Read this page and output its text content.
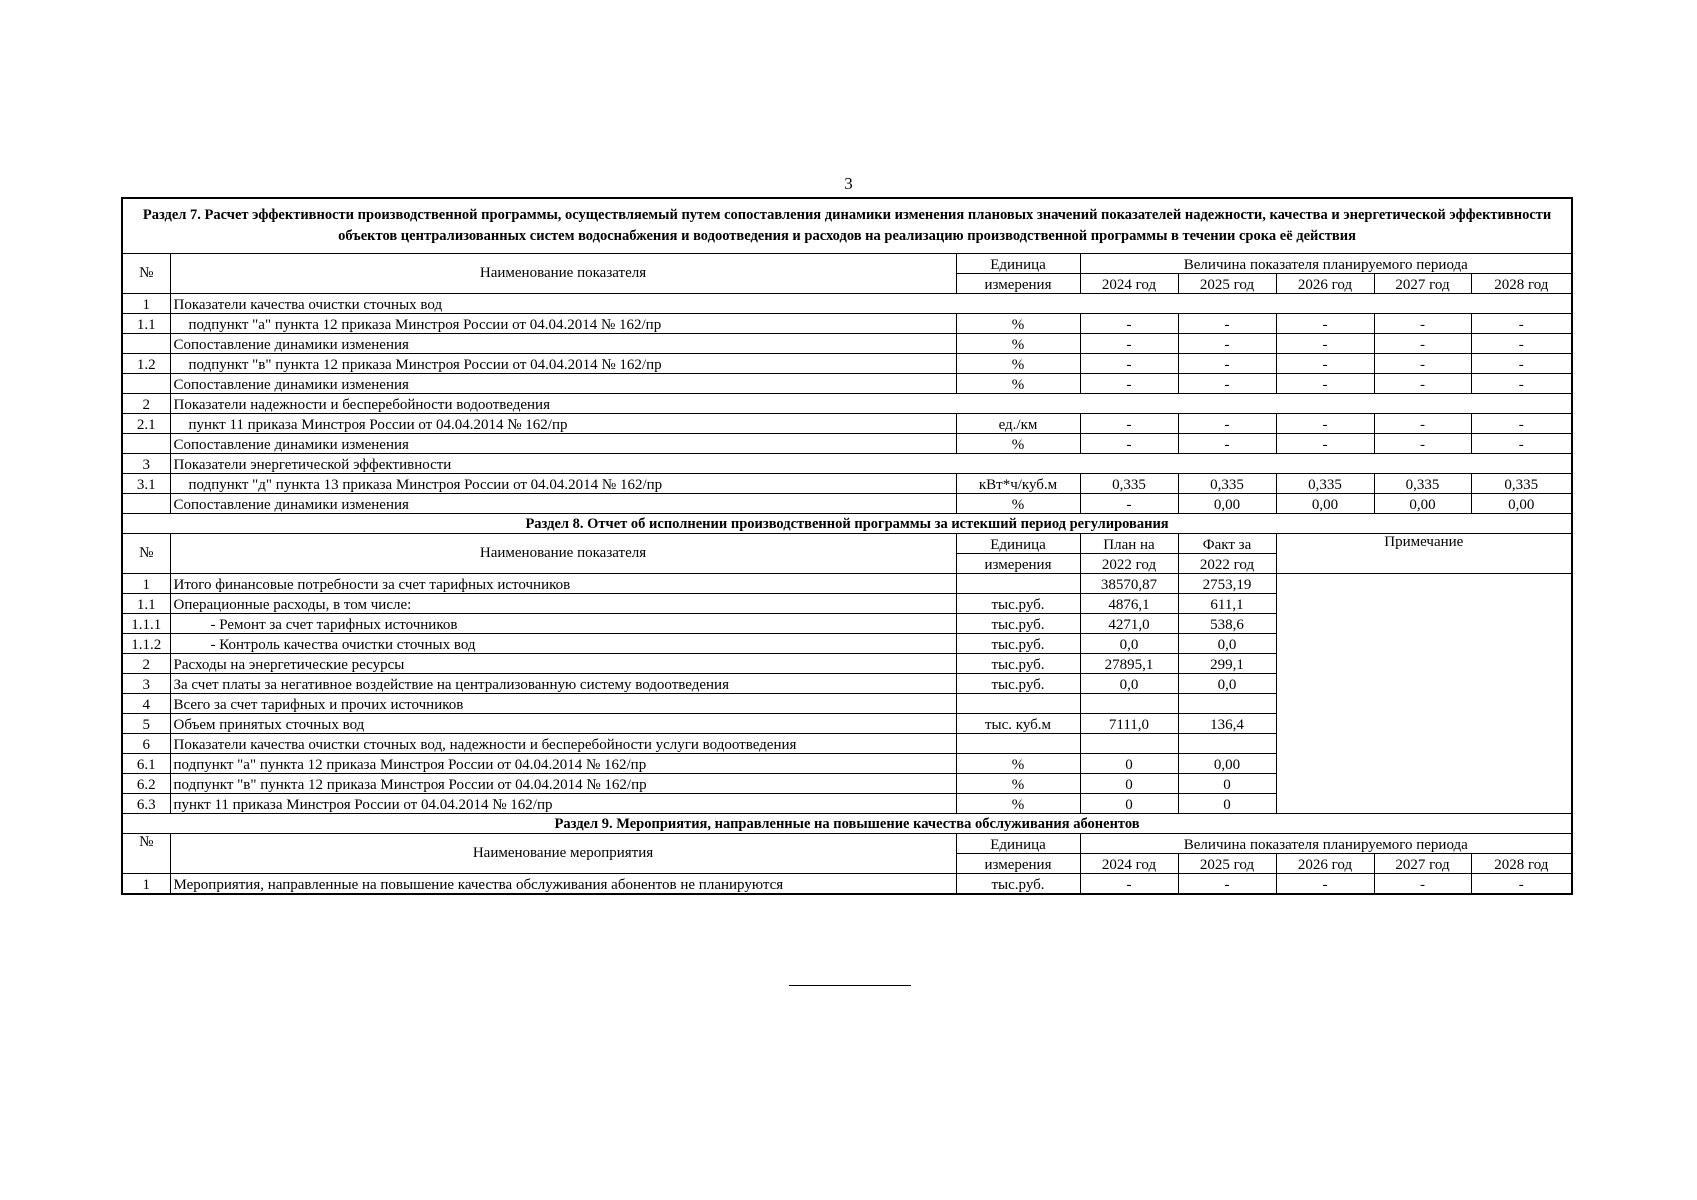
3
Раздел 7. Расчет эффективности производственной программы, осуществляемый путем сопоставления динамики изменения плановых значений показателей надежности, качества и энергетической эффективности объектов централизованных систем водоснабжения и водоотведения и расходов на реализацию производственной программы в течении срока её действия							
№	Наименование показателя	Единица	Величина показателя планируемого периода				
		измерения	2024 год	2025 год	2026 год	2027 год	2028 год
1	Показатели качества очистки сточных вод						
1.1	подпункт "а" пункта 12 приказа Минстроя России от 04.04.2014 № 162/пр	%	-	-	-	-	-
	Сопоставление динамики изменения	%	-	-	-	-	-
1.2	подпункт "в" пункта 12 приказа Минстроя России от 04.04.2014 № 162/пр	%	-	-	-	-	-
	Сопоставление динамики изменения	%	-	-	-	-	-
2	Показатели надежности и бесперебойности водоотведения						
2.1	пункт 11 приказа Минстроя России от 04.04.2014 № 162/пр	ед./км	-	-	-	-	-
	Сопоставление динамики изменения	%	-	-	-	-	-
3	Показатели энергетической эффективности						
3.1	подпункт "д" пункта 13 приказа Минстроя России от 04.04.2014 № 162/пр	кВт*ч/куб.м	0,335	0,335	0,335	0,335	0,335
	Сопоставление динамики изменения	%	-	0,00	0,00	0,00	0,00
Раздел 8. Отчет об исполнении производственной программы за истекший период регулирования							
№	Наименование показателя	Единица	План на	Факт за	Примечание		
		измерения	2022 год	2022 год			
1	Итого финансовые потребности за счет тарифных источников		38570,87	2753,19			
1.1	Операционные расходы, в том числе:	тыс.руб.	4876,1	611,1			
1.1.1	- Ремонт за счет тарифных источников	тыс.руб.	4271,0	538,6			
1.1.2	- Контроль качества очистки сточных вод	тыс.руб.	0,0	0,0			
2	Расходы на энергетические ресурсы	тыс.руб.	27895,1	299,1			
3	За счет платы за негативное воздействие на централизованную систему водоотведения	тыс.руб.	0,0	0,0			
4	Всего за счет тарифных и прочих источников						
5	Объем принятых сточных вод	тыс. куб.м	7111,0	136,4			
6	Показатели качества очистки сточных вод, надежности и бесперебойности услуги водоотведения						
6.1	подпункт "а" пункта 12 приказа Минстроя России от 04.04.2014 № 162/пр	%	0	0,00			
6.2	подпункт "в" пункта 12 приказа Минстроя России от 04.04.2014 № 162/пр	%	0	0			
6.3	пункт 11 приказа Минстроя России от 04.04.2014 № 162/пр	%	0	0			
Раздел 9. Мероприятия, направленные на повышение качества обслуживания абонентов							
№	Наименование мероприятия	Единица	Величина показателя планируемого периода				
		измерения	2024 год	2025 год	2026 год	2027 год	2028 год
1	Мероприятия, направленные на повышение качества обслуживания абонентов не планируются	тыс.руб.	-	-	-	-	-
